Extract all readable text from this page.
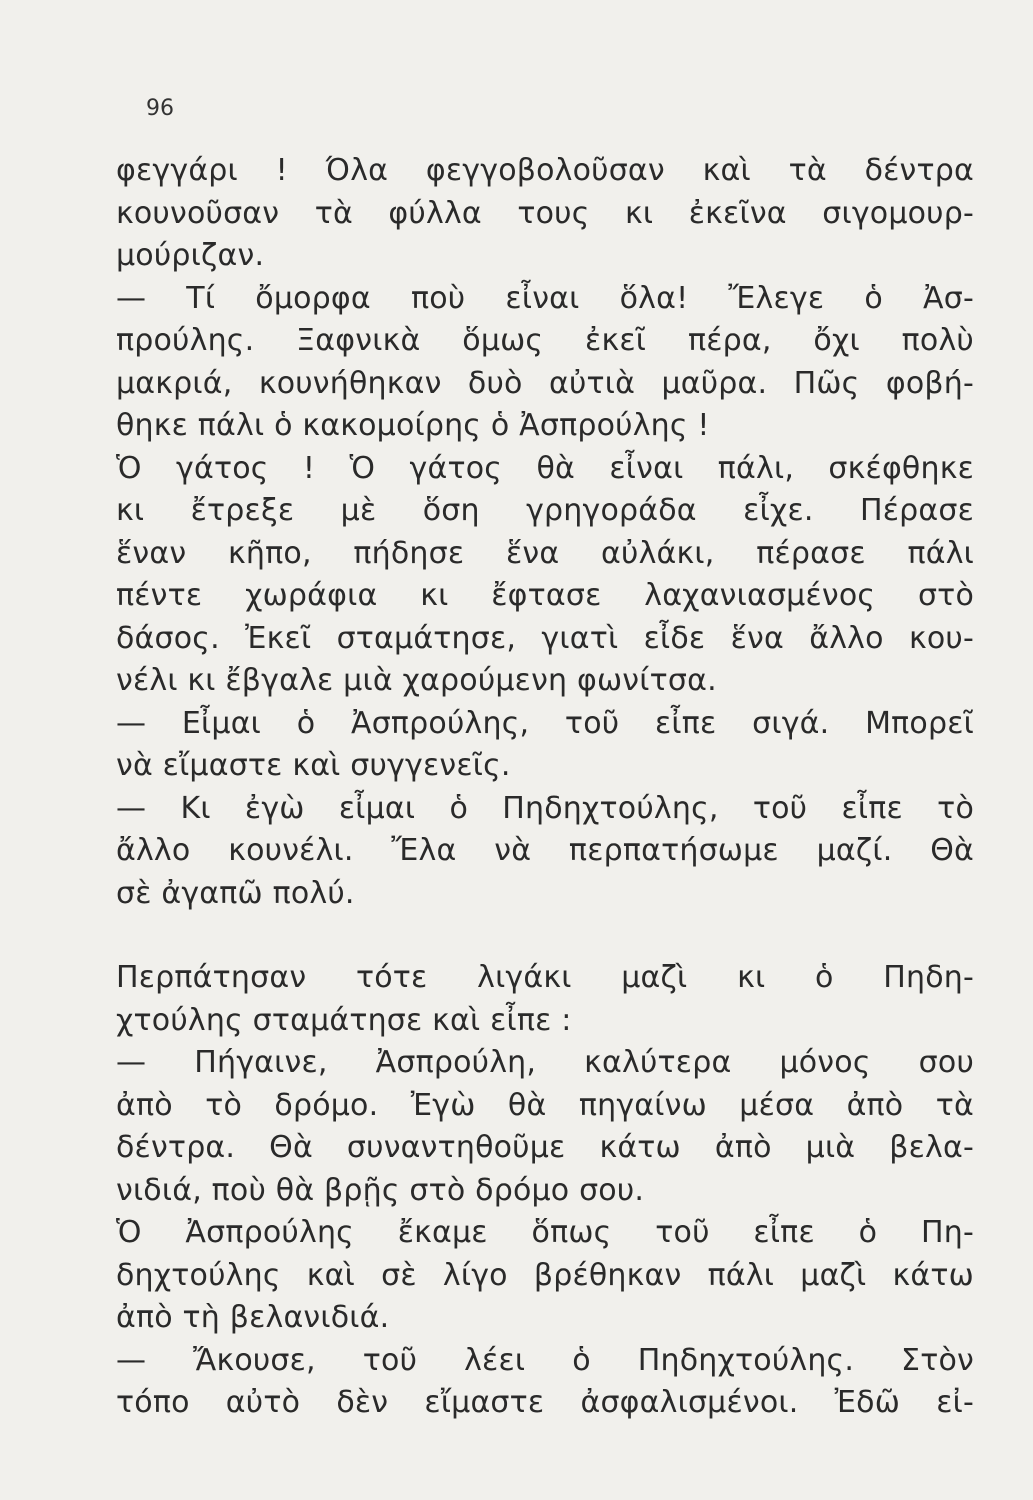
96
φεγγάρι ! Όλα φεγγοβολοῦσαν καὶ τὰ δέντρα
κουνοῦσαν τὰ φύλλα τους κι ἐκεῖνα σιγομουρ-
μούριζαν.
— Τί ὄμορφα ποὺ εἶναι ὅλα! Ἔλεγε ὁ Ἀσ-
προύλης. Ξαφνικὰ ὅμως ἐκεῖ πέρα, ὄχι πολὺ
μακριά, κουνήθηκαν δυὸ αὐτιὰ μαῦρα. Πῶς φοβή-
θηκε πάλι ὁ κακομοίρης ὁ Ἀσπρούλης !
Ὁ γάτος ! Ὁ γάτος θὰ εἶναι πάλι, σκέφθηκε
κι ἔτρεξε μὲ ὅση γρηγοράδα εἶχε. Πέρασε
ἕναν κῆπο, πήδησε ἕνα αὐλάκι, πέρασε πάλι
πέντε χωράφια κι ἔφτασε λαχανιασμένος στὸ
δάσος. Ἐκεῖ σταμάτησε, γιατὶ εἶδε ἕνα ἄλλο κου-
νέλι κι ἔβγαλε μιὰ χαρούμενη φωνίτσα.
— Εἶμαι ὁ Ἀσπρούλης, τοῦ εἶπε σιγά. Μπορεῖ
νὰ εἴμαστε καὶ συγγενεῖς.
— Κι ἐγὼ εἶμαι ὁ Πηδηχτούλης, τοῦ εἶπε τὸ
ἄλλο κουνέλι. Ἔλα νὰ περπατήσωμε μαζί. Θὰ
σὲ ἀγαπῶ πολύ.
Περπάτησαν τότε λιγάκι μαζὶ κι ὁ Πηδη-
χτούλης σταμάτησε καὶ εἶπε :
— Πήγαινε, Ἀσπρούλη, καλύτερα μόνος σου
ἀπὸ τὸ δρόμο. Ἐγὼ θὰ πηγαίνω μέσα ἀπὸ τὰ
δέντρα. Θὰ συναντηθοῦμε κάτω ἀπὸ μιὰ βελα-
νιδιά, ποὺ θὰ βρῇς στὸ δρόμο σου.
Ὁ Ἀσπρούλης ἔκαμε ὅπως τοῦ εἶπε ὁ Πη-
δηχτούλης καὶ σὲ λίγο βρέθηκαν πάλι μαζὶ κάτω
ἀπὸ τὴ βελανιδιά.
— Ἄκουσε, τοῦ λέει ὁ Πηδηχτούλης. Στὸν
τόπο αὐτὸ δὲν εἴμαστε ἀσφαλισμένοι. Ἐδῶ εἰ-
